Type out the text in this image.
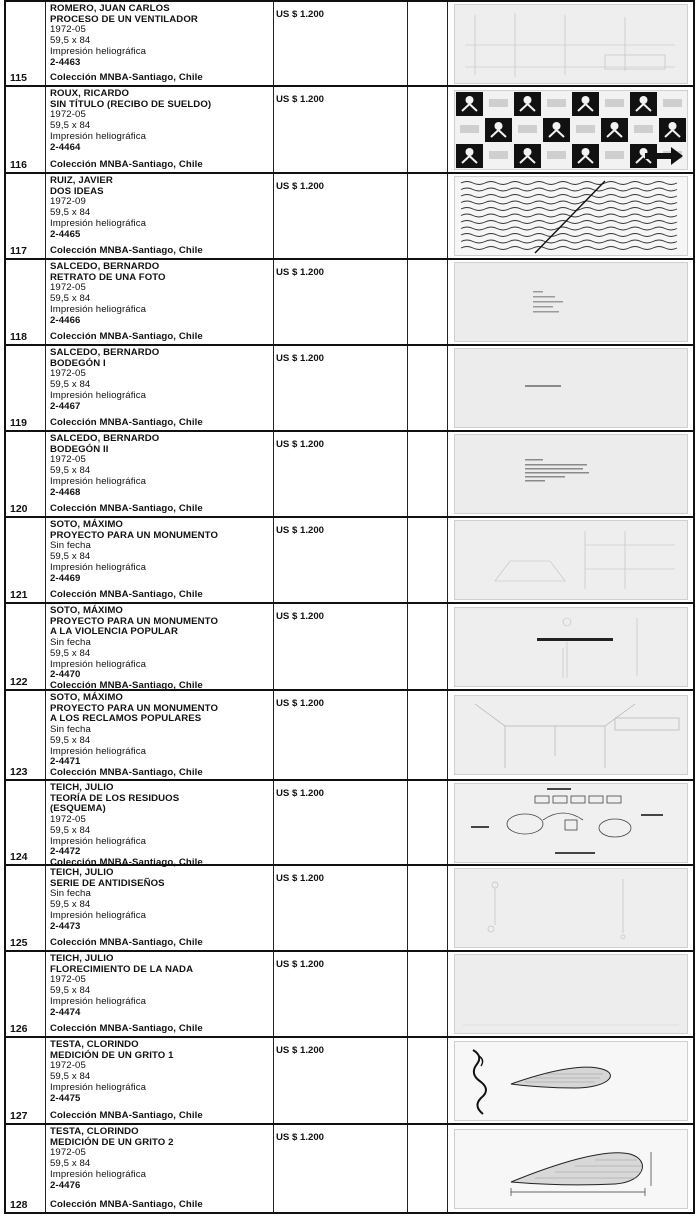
115
ROMERO, JUAN CARLOS
PROCESO DE UN VENTILADOR
1972-05
59,5 x 84
Impresión heliográfica
2-4463
Colección MNBA-Santiago, Chile
US $ 1.200
116
ROUX, RICARDO
SIN TÍTULO (RECIBO DE SUELDO)
1972-05
59,5 x 84
Impresión heliográfica
2-4464
Colección MNBA-Santiago, Chile
US $ 1.200
117
RUIZ, JAVIER
DOS IDEAS
1972-09
59,5 x 84
Impresión heliográfica
2-4465
Colección MNBA-Santiago, Chile
US $ 1.200
118
SALCEDO, BERNARDO
RETRATO DE UNA FOTO
1972-05
59,5 x 84
Impresión heliográfica
2-4466
Colección MNBA-Santiago, Chile
US $ 1.200
119
SALCEDO, BERNARDO
BODEGÓN I
1972-05
59,5 x 84
Impresión heliográfica
2-4467
Colección MNBA-Santiago, Chile
US $ 1.200
120
SALCEDO, BERNARDO
BODEGÓN II
1972-05
59,5 x 84
Impresión heliográfica
2-4468
Colección MNBA-Santiago, Chile
US $ 1.200
121
SOTO, MÁXIMO
PROYECTO PARA UN MONUMENTO
Sin fecha
59,5 x 84
Impresión heliográfica
2-4469
Colección MNBA-Santiago, Chile
US $ 1.200
122
SOTO, MÁXIMO
PROYECTO PARA UN MONUMENTO
A LA VIOLENCIA POPULAR
Sin fecha
59,5 x 84
Impresión heliográfica
2-4470
Colección MNBA-Santiago, Chile
US $ 1.200
123
SOTO, MÁXIMO
PROYECTO PARA UN MONUMENTO
A LOS RECLAMOS POPULARES
Sin fecha
59,5 x 84
Impresión heliográfica
2-4471
Colección MNBA-Santiago, Chile
US $ 1.200
124
TEICH, JULIO
TEORÍA DE LOS RESIDUOS
(ESQUEMA)
1972-05
59,5 x 84
Impresión heliográfica
2-4472
Colección MNBA-Santiago, Chile
US $ 1.200
125
TEICH, JULIO
SERIE DE ANTIDISEÑOS
Sin fecha
59,5 x 84
Impresión heliográfica
2-4473
Colección MNBA-Santiago, Chile
US $ 1.200
126
TEICH, JULIO
FLORECIMIENTO DE LA NADA
1972-05
59,5 x 84
Impresión heliográfica
2-4474
Colección MNBA-Santiago, Chile
US $ 1.200
127
TESTA, CLORINDO
MEDICIÓN DE UN GRITO 1
1972-05
59,5 x 84
Impresión heliográfica
2-4475
Colección MNBA-Santiago, Chile
US $ 1.200
128
TESTA, CLORINDO
MEDICIÓN DE UN GRITO 2
1972-05
59,5 x 84
Impresión heliográfica
2-4476
Colección MNBA-Santiago, Chile
US $ 1.200
